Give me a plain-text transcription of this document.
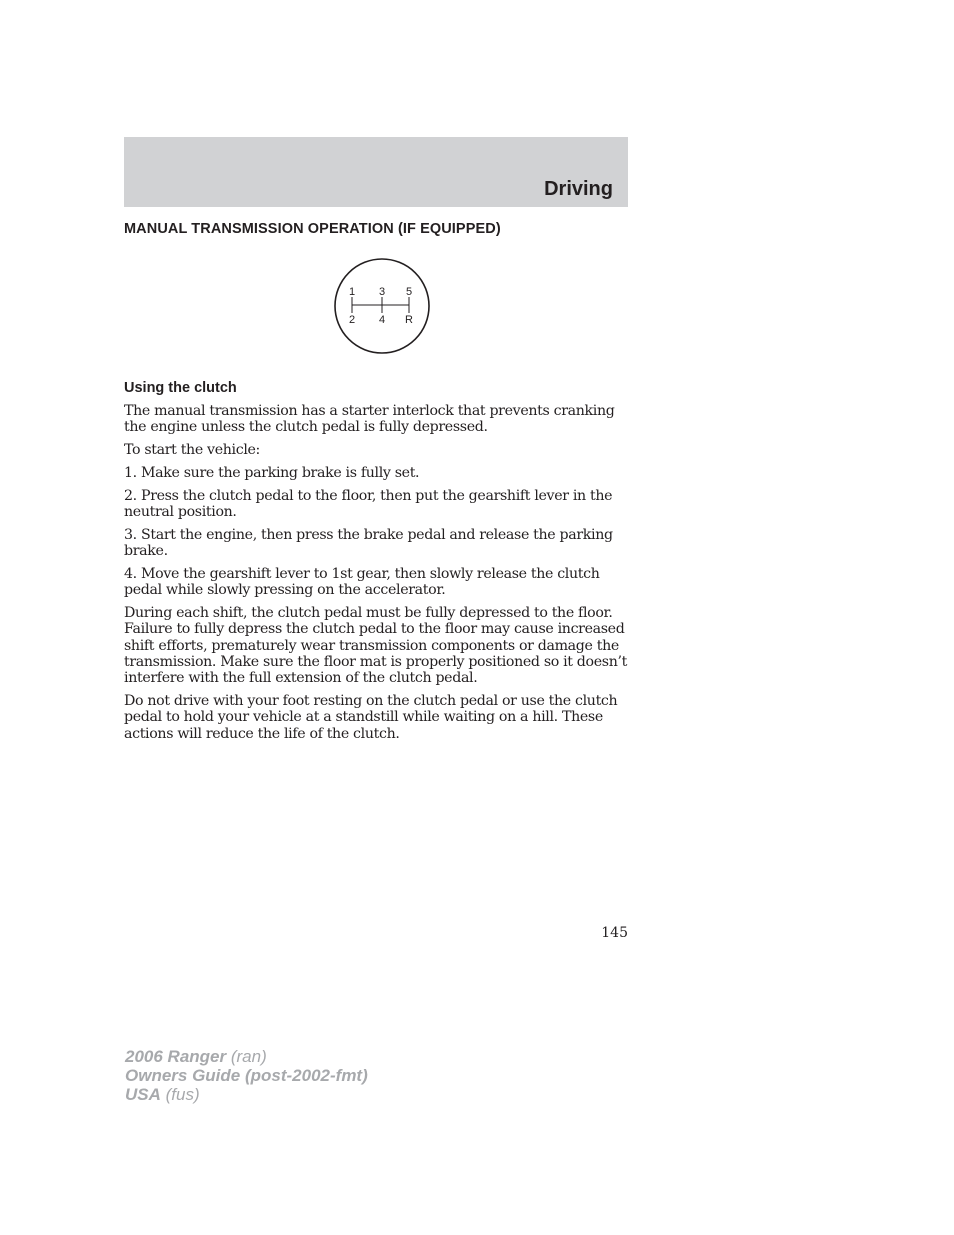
Driving
MANUAL TRANSMISSION OPERATION (IF EQUIPPED)
1 3 5
2 4 R
Using the clutch

The manual transmission has a starter interlock that prevents cranking the engine unless the clutch pedal is fully depressed.

To start the vehicle:

1. Make sure the parking brake is fully set.

2. Press the clutch pedal to the floor, then put the gearshift lever in the neutral position.

3. Start the engine, then press the brake pedal and release the parking brake.

4. Move the gearshift lever to 1st gear, then slowly release the clutch pedal while slowly pressing on the accelerator.

During each shift, the clutch pedal must be fully depressed to the floor. Failure to fully depress the clutch pedal to the floor may cause increased shift efforts, prematurely wear transmission components or damage the transmission. Make sure the floor mat is properly positioned so it doesn’t interfere with the full extension of the clutch pedal.

Do not drive with your foot resting on the clutch pedal or use the clutch pedal to hold your vehicle at a standstill while waiting on a hill. These actions will reduce the life of the clutch.

145
2006 Ranger (ran)
Owners Guide (post-2002-fmt)
USA (fus)
